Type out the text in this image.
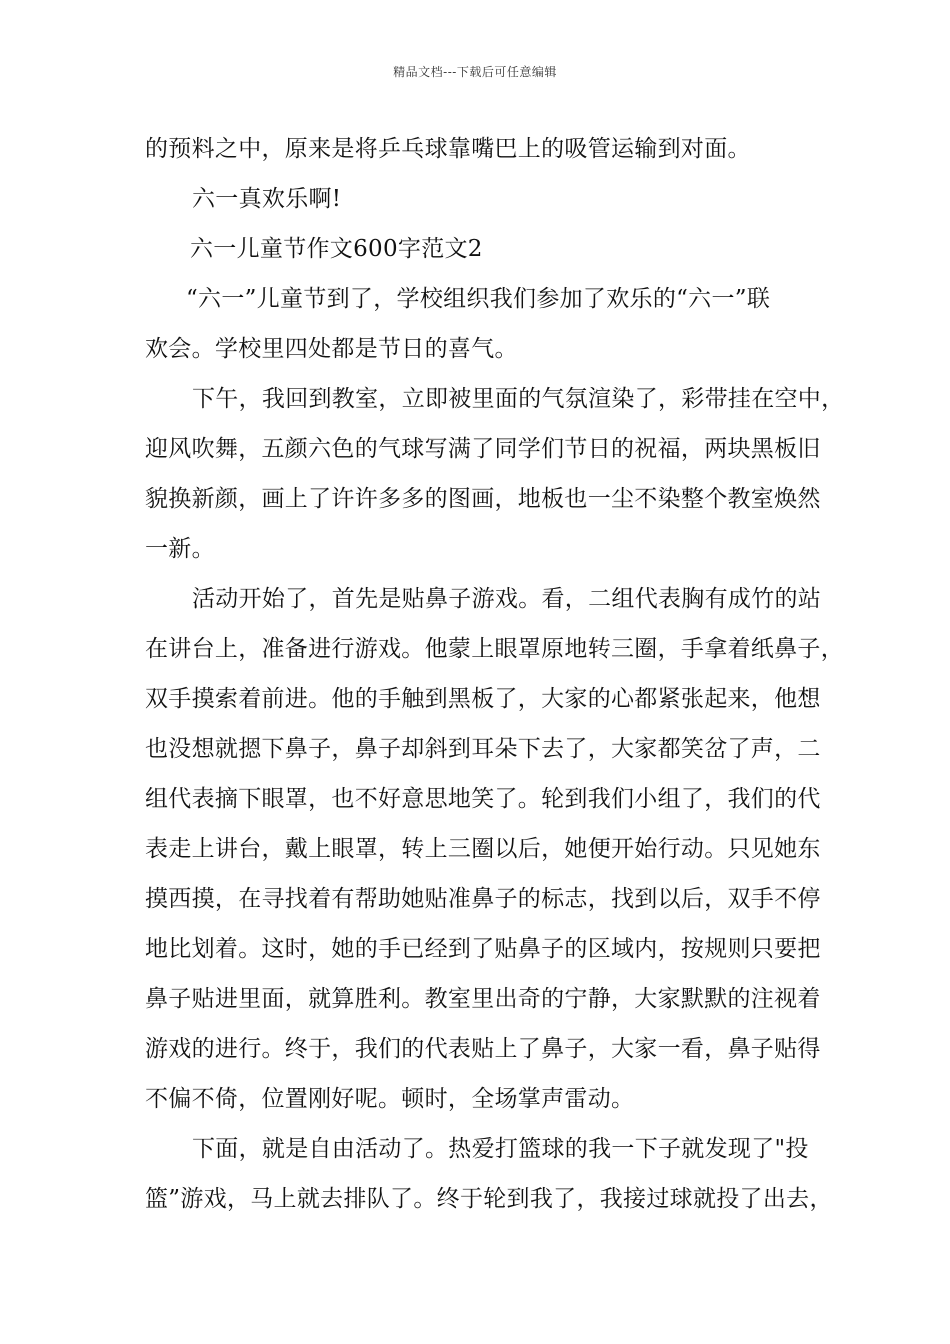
精品文档---下载后可任意编辑
的预料之中，原来是将乒乓球靠嘴巴上的吸管运输到对面。
六一真欢乐啊!
六一儿童节作文600字范文2
“六一”儿童节到了，学校组织我们参加了欢乐的“六一”联
欢会。学校里四处都是节日的喜气。
下午，我回到教室，立即被里面的气氛渲染了，彩带挂在空中，
迎风吹舞，五颜六色的气球写满了同学们节日的祝福，两块黑板旧
貌换新颜，画上了许许多多的图画，地板也一尘不染整个教室焕然
一新。
活动开始了，首先是贴鼻子游戏。看，二组代表胸有成竹的站
在讲台上，准备进行游戏。他蒙上眼罩原地转三圈，手拿着纸鼻子，
双手摸索着前进。他的手触到黑板了，大家的心都紧张起来，他想
也没想就摁下鼻子，鼻子却斜到耳朵下去了，大家都笑岔了声，二
组代表摘下眼罩，也不好意思地笑了。轮到我们小组了，我们的代
表走上讲台，戴上眼罩，转上三圈以后，她便开始行动。只见她东
摸西摸，在寻找着有帮助她贴准鼻子的标志，找到以后，双手不停
地比划着。这时，她的手已经到了贴鼻子的区域内，按规则只要把
鼻子贴进里面，就算胜利。教室里出奇的宁静，大家默默的注视着
游戏的进行。终于，我们的代表贴上了鼻子，大家一看，鼻子贴得
不偏不倚，位置刚好呢。顿时，全场掌声雷动。
下面，就是自由活动了。热爱打篮球的我一下子就发现了"投
篮”游戏，马上就去排队了。终于轮到我了，我接过球就投了出去，
